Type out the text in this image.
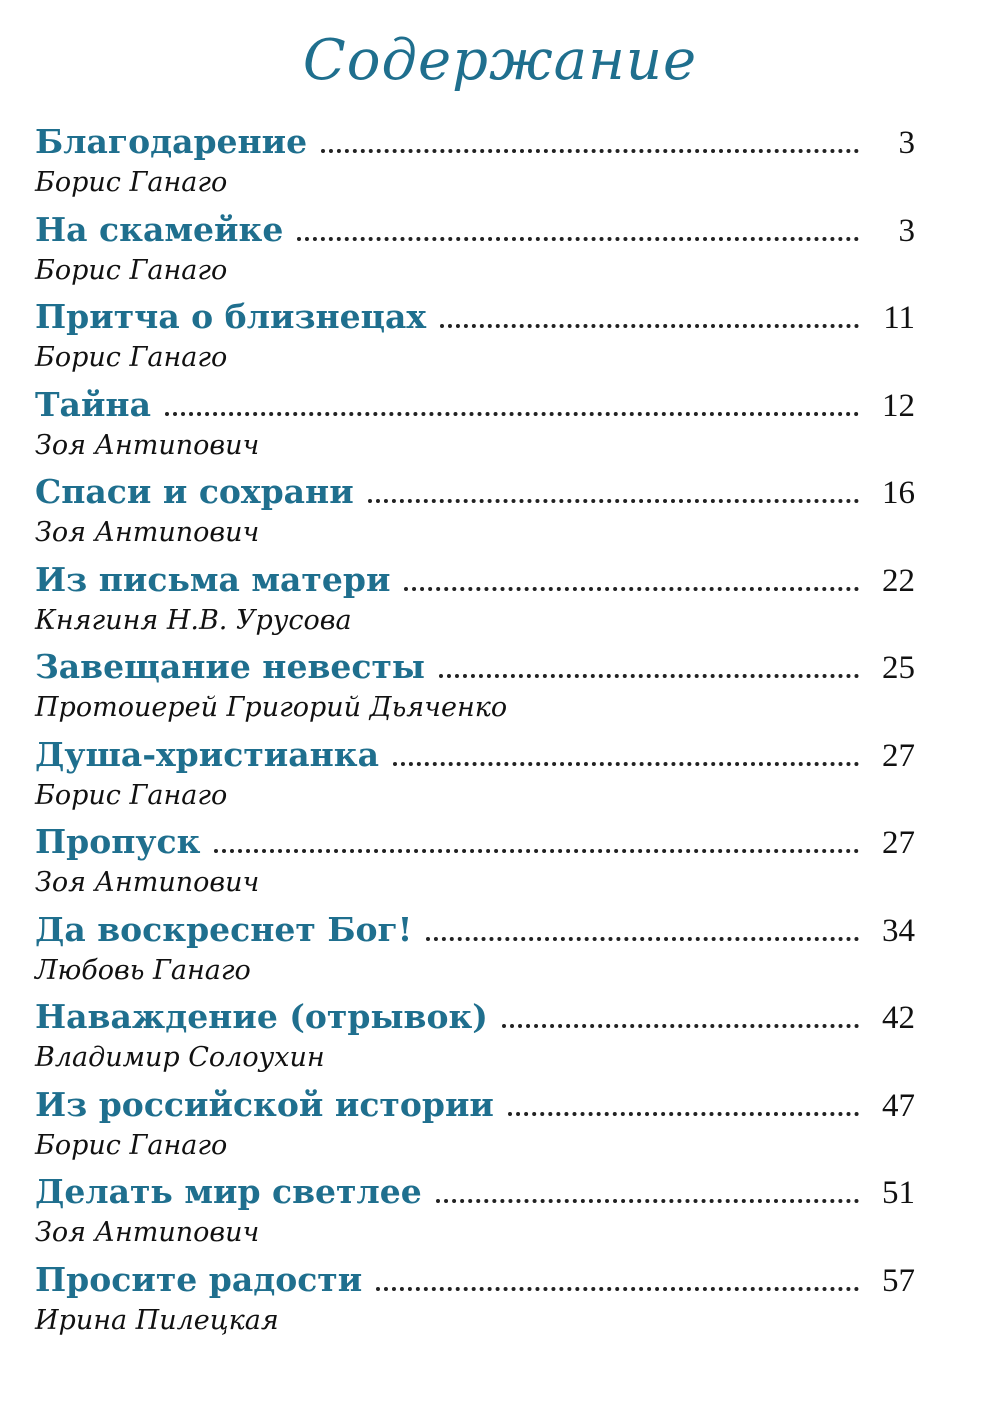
Содержание
Благодарение	3
Борис Ганаго
На скамейке	3
Борис Ганаго
Притча о близнецах	11
Борис Ганаго
Тайна	12
Зоя Антипович
Спаси и сохрани	16
Зоя Антипович
Из письма матери	22
Княгиня Н.В. Урусова
Завещание невесты	25
Протоиерей Григорий Дьяченко
Душа-христианка	27
Борис Ганаго
Пропуск	27
Зоя Антипович
Да воскреснет Бог!	34
Любовь Ганаго
Наваждение (отрывок)	42
Владимир Солоухин
Из российской истории	47
Борис Ганаго
Делать мир светлее	51
Зоя Антипович
Просите радости	57
Ирина Пилецкая
